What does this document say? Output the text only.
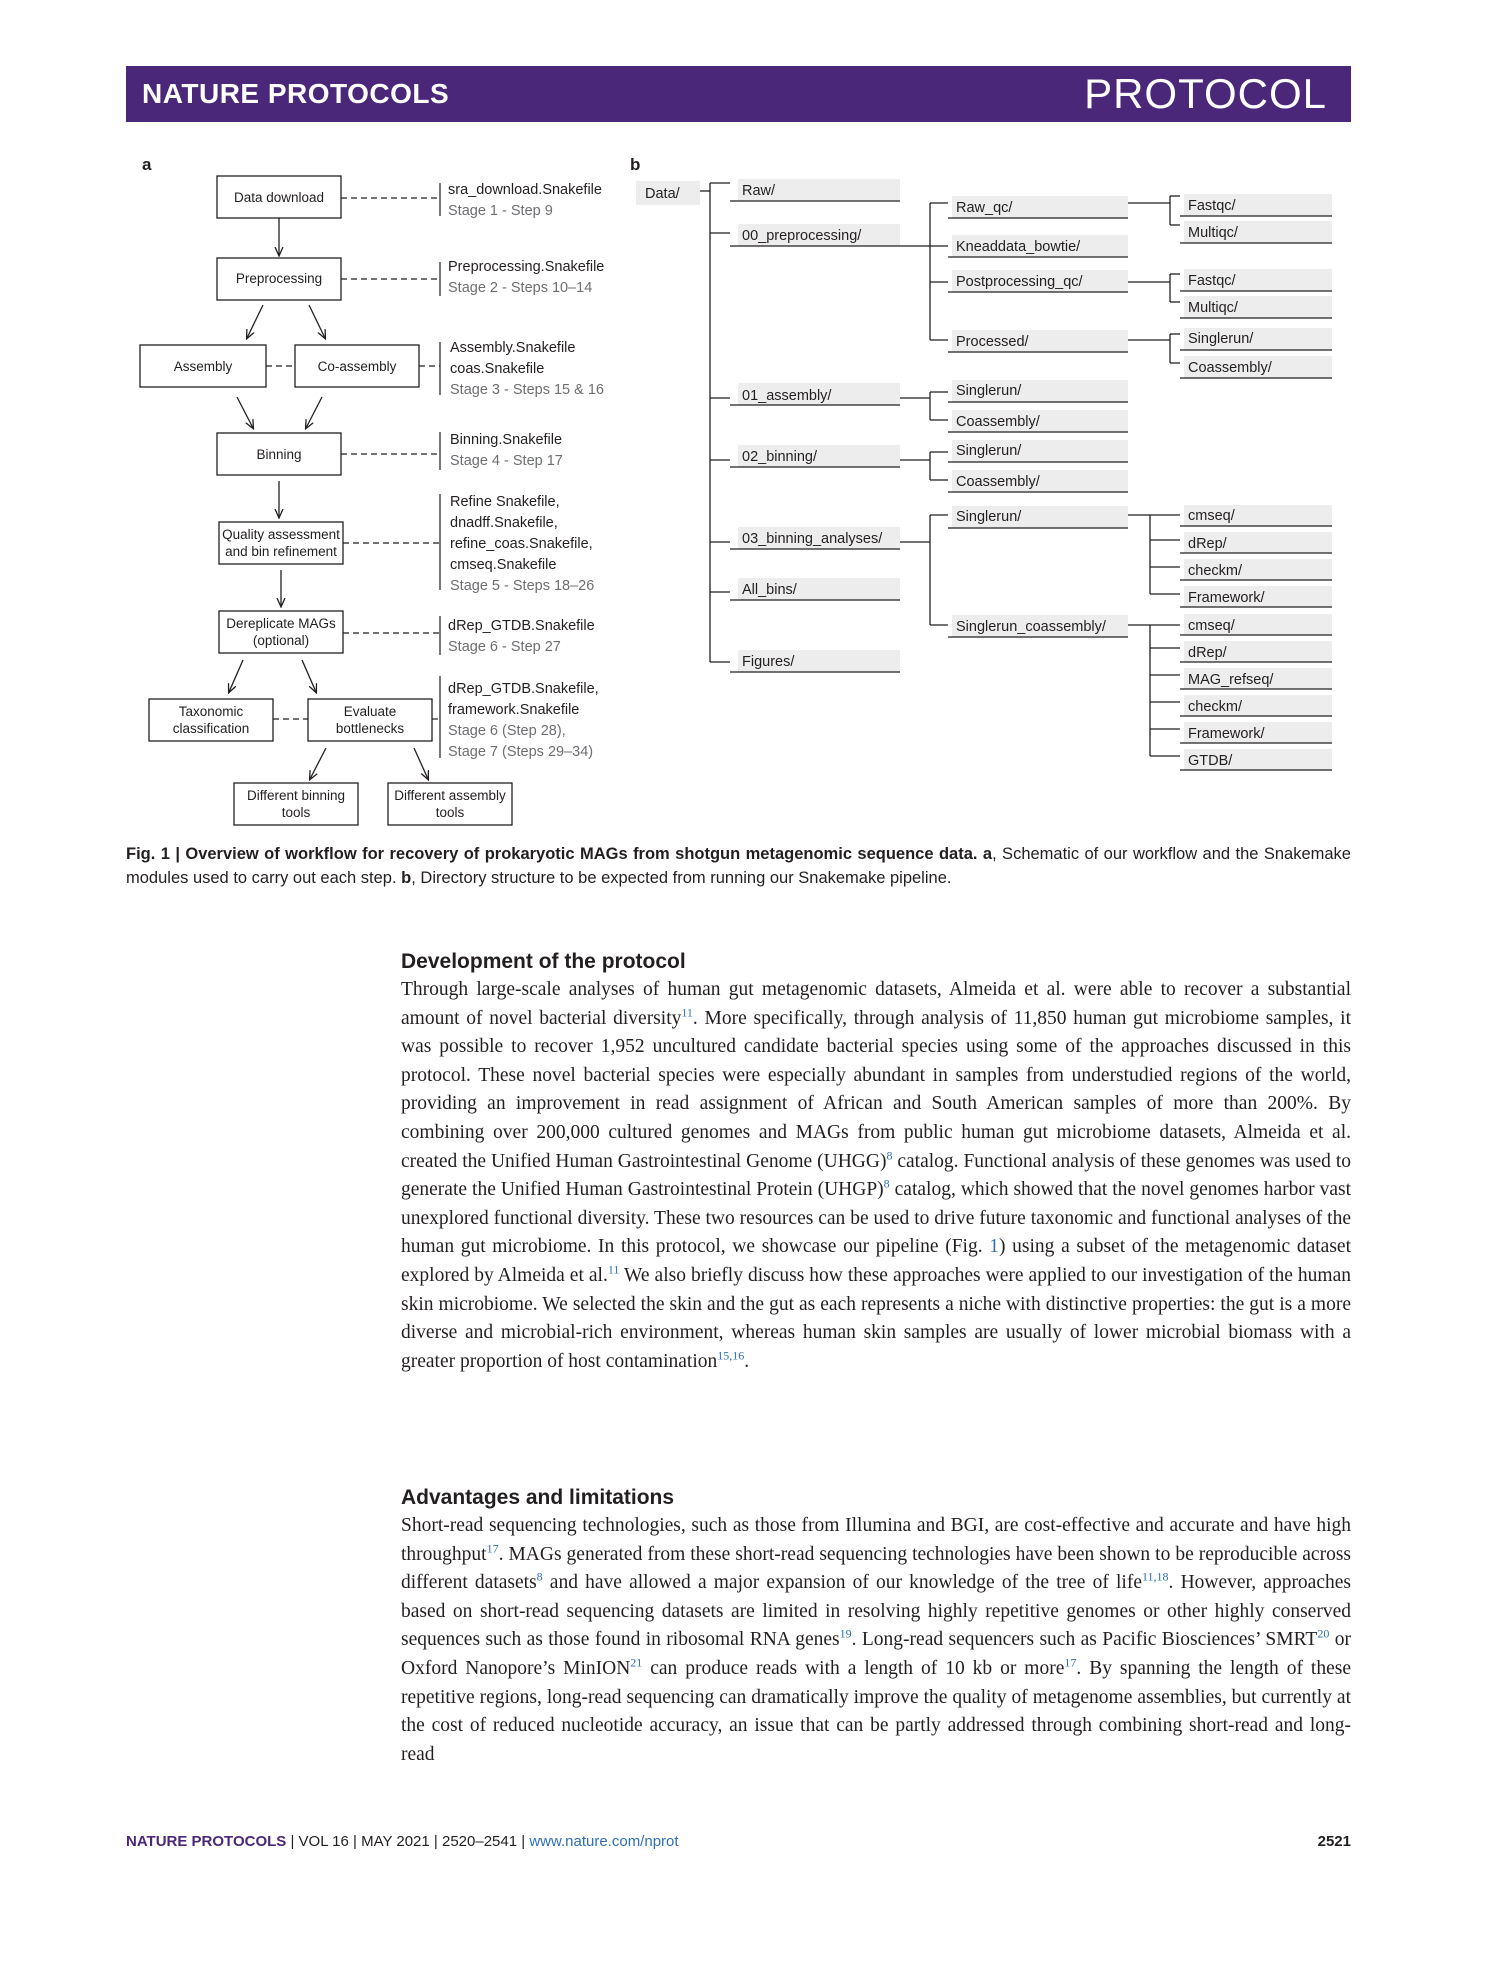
NATURE PROTOCOLS	PROTOCOL
a
Data download
Preprocessing
Assembly	Co-assembly
Binning
Quality assessment
and bin refinement
Dereplicate MAGs
(optional)
Taxonomic
classification
Evaluate
bottlenecks
Different binning
tools
Different assembly
tools
sra_download.Snakefile
Stage 1 - Step 9
Preprocessing.Snakefile
Stage 2 - Steps 10–14
Assembly.Snakefile
coas.Snakefile
Stage 3 - Steps 15 & 16
Binning.Snakefile
Stage 4 - Step 17
Refine Snakefile,
dnadff.Snakefile,
refine_coas.Snakefile,
cmseq.Snakefile
Stage 5 - Steps 18–26
dRep_GTDB.Snakefile
Stage 6 - Step 27
dRep_GTDB.Snakefile,
framework.Snakefile
Stage 6 (Step 28),
Stage 7 (Steps 29–34)
b
Data/	Raw/
00_preprocessing/
Raw_qc/	Fastqc/
Multiqc/
Kneaddata_bowtie/
Postprocessing_qc/	Fastqc/
Multiqc/
Processed/	Singlerun/
Coassembly/
01_assembly/	Singlerun/
Coassembly/
02_binning/	Singlerun/
Coassembly/
03_binning_analyses/
Singlerun/	cmseq/
dRep/
checkm/
Framework/
Singlerun_coassembly/	cmseq/
dRep/
MAG_refseq/
checkm/
Framework/
GTDB/
All_bins/
Figures/
Fig. 1 | Overview of workflow for recovery of prokaryotic MAGs from shotgun metagenomic sequence data. a, Schematic of our workflow and the Snakemake modules used to carry out each step. b, Directory structure to be expected from running our Snakemake pipeline.
Development of the protocol

Through large-scale analyses of human gut metagenomic datasets, Almeida et al. were able to recover a substantial amount of novel bacterial diversity$^{11}$. More specifically, through analysis of 11,850 human gut microbiome samples, it was possible to recover 1,952 uncultured candidate bacterial species using some of the approaches discussed in this protocol. These novel bacterial species were especially abundant in samples from understudied regions of the world, providing an improvement in read assignment of African and South American samples of more than 200%. By combining over 200,000 cultured genomes and MAGs from public human gut microbiome datasets, Almeida et al. created the Unified Human Gastrointestinal Genome (UHGG)$^8$ catalog. Functional analysis of these genomes was used to generate the Unified Human Gastrointestinal Protein (UHGP)$^8$ catalog, which showed that the novel genomes harbor vast unexplored functional diversity. These two resources can be used to drive future taxonomic and functional analyses of the human gut microbiome. In this protocol, we showcase our pipeline (Fig. 1) using a subset of the metagenomic dataset explored by Almeida et al.$^{11}$ We also briefly discuss how these approaches were applied to our investigation of the human skin microbiome. We selected the skin and the gut as each represents a niche with distinctive properties: the gut is a more diverse and microbial-rich environment, whereas human skin samples are usually of lower microbial biomass with a greater proportion of host contamination$^{15,16}$.

Advantages and limitations

Short-read sequencing technologies, such as those from Illumina and BGI, are cost-effective and accurate and have high throughput$^{17}$. MAGs generated from these short-read sequencing technologies have been shown to be reproducible across different datasets$^8$ and have allowed a major expansion of our knowledge of the tree of life$^{11,18}$. However, approaches based on short-read sequencing datasets are limited in resolving highly repetitive genomes or other highly conserved sequences such as those found in ribosomal RNA genes$^{19}$. Long-read sequencers such as Pacific Biosciences’ SMRT$^{20}$ or Oxford Nanopore’s MinION$^{21}$ can produce reads with a length of 10 kb or more$^{17}$. By spanning the length of these repetitive regions, long-read sequencing can dramatically improve the quality of metagenome assemblies, but currently at the cost of reduced nucleotide accuracy, an issue that can be partly addressed through combining short-read and long-read

NATURE PROTOCOLS | VOL 16 | MAY 2021 | 2520–2541 | www.nature.com/nprot	2521
